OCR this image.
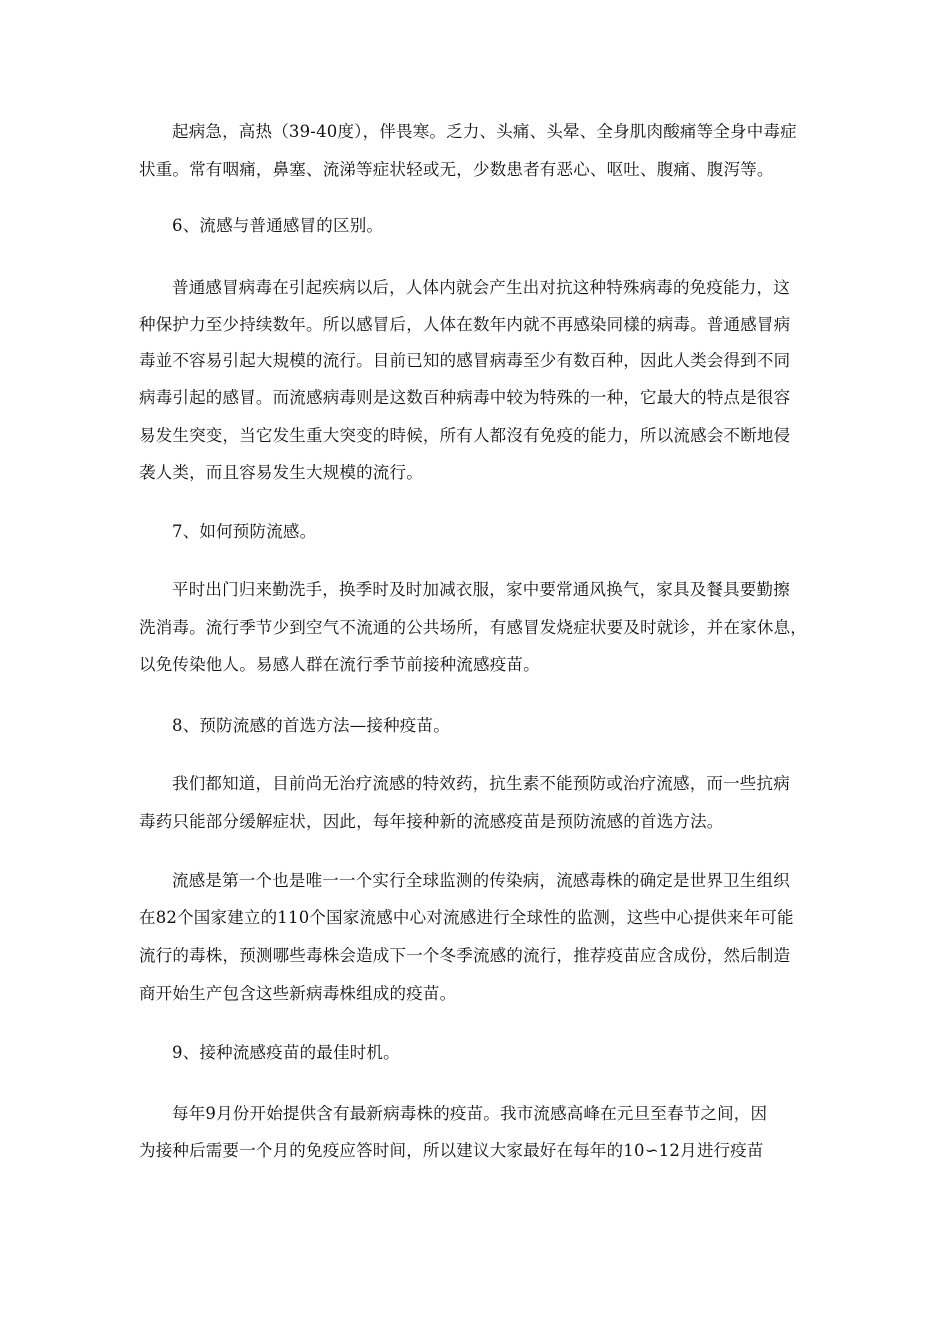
起病急，高热（39-40度），伴畏寒。乏力、头痛、头晕、全身肌肉酸痛等全身中毒症
状重。常有咽痛，鼻塞、流涕等症状轻或无，少数患者有恶心、呕吐、腹痛、腹泻等。
6、流感与普通感冒的区别。
普通感冒病毒在引起疾病以后，人体内就会产生出对抗这种特殊病毒的免疫能力，这
种保护力至少持续数年。所以感冒后，人体在数年内就不再感染同樣的病毒。普通感冒病
毒並不容易引起大規模的流行。目前已知的感冒病毒至少有数百种，因此人类会得到不同
病毒引起的感冒。而流感病毒则是这数百种病毒中较为特殊的一种，它最大的特点是很容
易发生突变，当它发生重大突变的時候，所有人都沒有免疫的能力，所以流感会不断地侵
袭人类，而且容易发生大规模的流行。
7、如何预防流感。
平时出门归来勤洗手，换季时及时加减衣服，家中要常通风换气，家具及餐具要勤擦
洗消毒。流行季节少到空气不流通的公共场所，有感冒发烧症状要及时就诊，并在家休息，
以免传染他人。易感人群在流行季节前接种流感疫苗。
8、预防流感的首选方法—接种疫苗。
我们都知道，目前尚无治疗流感的特效药，抗生素不能预防或治疗流感，而一些抗病
毒药只能部分缓解症状，因此，每年接种新的流感疫苗是预防流感的首选方法。
流感是第一个也是唯一一个实行全球监测的传染病，流感毒株的确定是世界卫生组织
在82个国家建立的110个国家流感中心对流感进行全球性的监测，这些中心提供来年可能
流行的毒株，预测哪些毒株会造成下一个冬季流感的流行，推荐疫苗应含成份，然后制造
商开始生产包含这些新病毒株组成的疫苗。
9、接种流感疫苗的最佳时机。
每年9月份开始提供含有最新病毒株的疫苗。我市流感高峰在元旦至春节之间，因
为接种后需要一个月的免疫应答时间，所以建议大家最好在每年的10∽12月进行疫苗
